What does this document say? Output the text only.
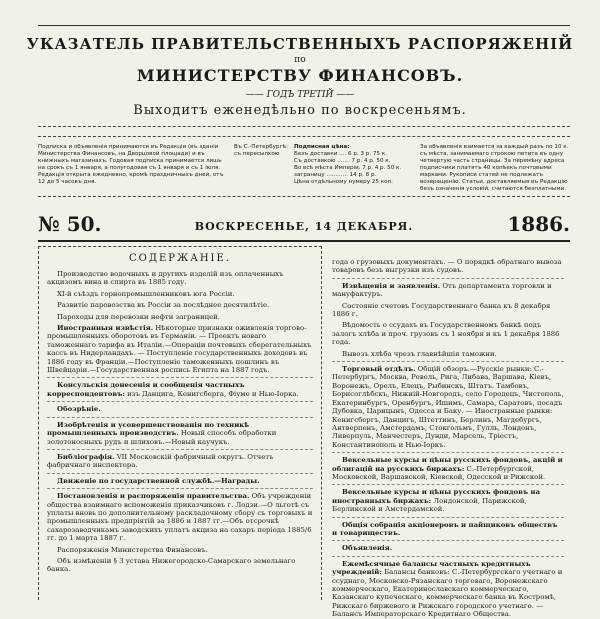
УКАЗАТЕЛЬ ПРАВИТЕЛЬСТВЕННЫХЪ РАСПОРЯЖЕНІЙ
по
МИНИСТЕРСТВУ ФИНАНСОВЪ.
—— ГОДЪ ТРЕТІЙ ——
Выходитъ еженедѣльно по воскресеньямъ.
Подписка и объявленія принимаются въ Редакціи (въ зданіи Министерства Финансовъ, на Дворцовой площади) и въ книжныхъ магазинахъ. Годовая подписка принимается лишь на срокъ съ 1 января, а полугодовая съ 1 января и съ 1 іюля. Редакція открыта ежедневно, кромѣ праздничныхъ дней, отъ 12 до 5 часовъ дня.
Въ С.-Петербургѣ: съ пересылкою
Подписная цѣна:
Безъ доставки .... 6 р. 3 р. 75 к.
Съ доставкою ....... 7 р. 4 р. 50 к.
Во всѣ мѣста Имперіи. 7 р. 4 р. 50 к.
заграницу ............ 14 р. 8 р.
Цѣна отдѣльному нумеру 25 коп.
За объявленія взимается за каждый разъ по 10 к. съ мѣста, занимаемаго строкою петита въ одну четвертую часть страницы. За перемѣну адреса подписчики платятъ 40 копѣекъ почтовыми марками. Рукописи статей не подлежатъ возвращенію. Статьи, доставляемыя въ Редакцію безъ означенія условій, считаются безплатными.
№ 50.	ВОСКРЕСЕНЬЕ, 14 ДЕКАБРЯ.	1886.
СОДЕРЖАНІЕ.

Производство водочныхъ и другихъ изделій изъ оплаченныхъ акцизомъ вина и спирта въ 1885 году.

XI-й съѣздъ горнопромышленниковъ юга Россіи.

Развитіе паровозства въ Россіи за послѣднее десятилѣтіе.

Пароходы для перевозки нефти заграницей.

Иностранныя извѣстія. Нѣкоторые признаки оживленія торгово-промышленныхъ оборотовъ въ Германіи. — Проектъ новаго таможеннаго тарифа въ Италіи.—Операціи почтовыхъ сберегательныхъ кассъ въ Нидерландахъ. — Поступленіе государственныхъ доходовъ въ 1886 году въ Франціи.—Поступленіе таможенныхъ пошлинъ въ Швейцаріи.—Государственная роспись Египта на 1887 годъ.

Консульскія донесенія и сообщенія частныхъ корреспондентовъ: изъ Данцига, Кенигсберга, Фіуме и Нью-Іорка.

Обозрѣніе.

Изобрѣтенія и усовершенствованія по техникѣ промышленныхъ производствъ. Новый способъ обработки золотоносныхъ рудъ и шлиховъ.—Новый каучукъ.

Библіографія. VII Московскій фабричный округъ. Отчетъ фабричнаго инспектора.

Движеніе по государственной службѣ.—Награды.

Постановленія и распоряженія правительства. Объ учрежденіи общества взаимнаго вспоможенія приказчиковъ г. Лодзи.—О льготѣ съ уплаты вновь по дополнительному раскладочному сбору съ торговыхъ и промышленныхъ предпріятій за 1886 и 1887 гг.—Объ отсрочкѣ сахарозаводчикамъ заводскихъ уплатъ акциза на сахаръ періода 1885/6 гг. до 1 марта 1887 г.

Распоряженія Министерства Финансовъ.

Объ измѣненіи § 3 устава Нижегородско-Самарскаго земельнаго банка.

года о грузовыхъ документахъ. — О порядкѣ обратнаго вывоза товаровъ безъ выгрузки изъ судовъ.

Извѣщенія и заявленія. Отъ департамента торговли и мануфактуръ.

Состояніе счетовъ Государственнаго банка къ 8 декабря 1886 г.

Вѣдомость о ссудахъ въ Государственномъ банкѣ подъ залогъ хлѣба и проч. грузовъ съ 1 ноября и къ 1 декабря 1886 года.

Вывозъ хлѣба чрезъ главнѣйшія таможни.

Торговый отдѣлъ. Общій обзоръ.—Русскіе рынки: С.-Петербургъ, Москва, Ревель, Рига, Либава, Варшава, Кіевъ, Воронежъ, Орелъ, Елецъ, Рыбинскъ, Штатъ. Тамбовъ, Борисоглѣбскъ, Нижній-Новгородъ, село Городецъ, Чистополь, Екатеринбургъ, Оренбургъ, Ишимъ, Самара, Саратовъ, посадъ Дубовка, Царицынъ, Одесса и Баку. — Иностранные рынки: Кенигсбергъ, Данцигъ, Штеттинъ, Берлинъ, Магдебургъ, Антверпенъ, Амстердамъ, Стокгольмъ, Гулль, Лондонъ, Ливерпуль, Манчестеръ, Дунди, Марсель, Тріестъ, Константинополь и Нью-Іоркъ.

Вексельные курсы и цѣны русскихъ фондовъ, акцій и облигацій на русскихъ биржахъ: С.-Петербургской, Московской, Варшавской, Кіевской, Одесской и Рижской.

Вексельные курсы и цѣны русскихъ фондовъ на иностранныхъ биржахъ: Лондонской, Парижской, Берлинской и Амстердамской.

Общія собранія акціонеровъ и пайщиковъ обществъ и товариществъ.

Объявленія.

Ежемѣсячные балансы частныхъ кредитныхъ учрежденій: Балансы банковъ: С.-Петербургскаго учетнаго и ссуднаго, Московско-Рязанскаго торговаго, Воронежскаго коммерческаго, Екатеринославскаго коммерческаго, Казанскаго купеческаго, коммерческаго банка въ Костромѣ, Рижскаго биржевого и Рижскаго городского учетнаго. — Балансъ Императорскаго Кредитнаго Общества.
